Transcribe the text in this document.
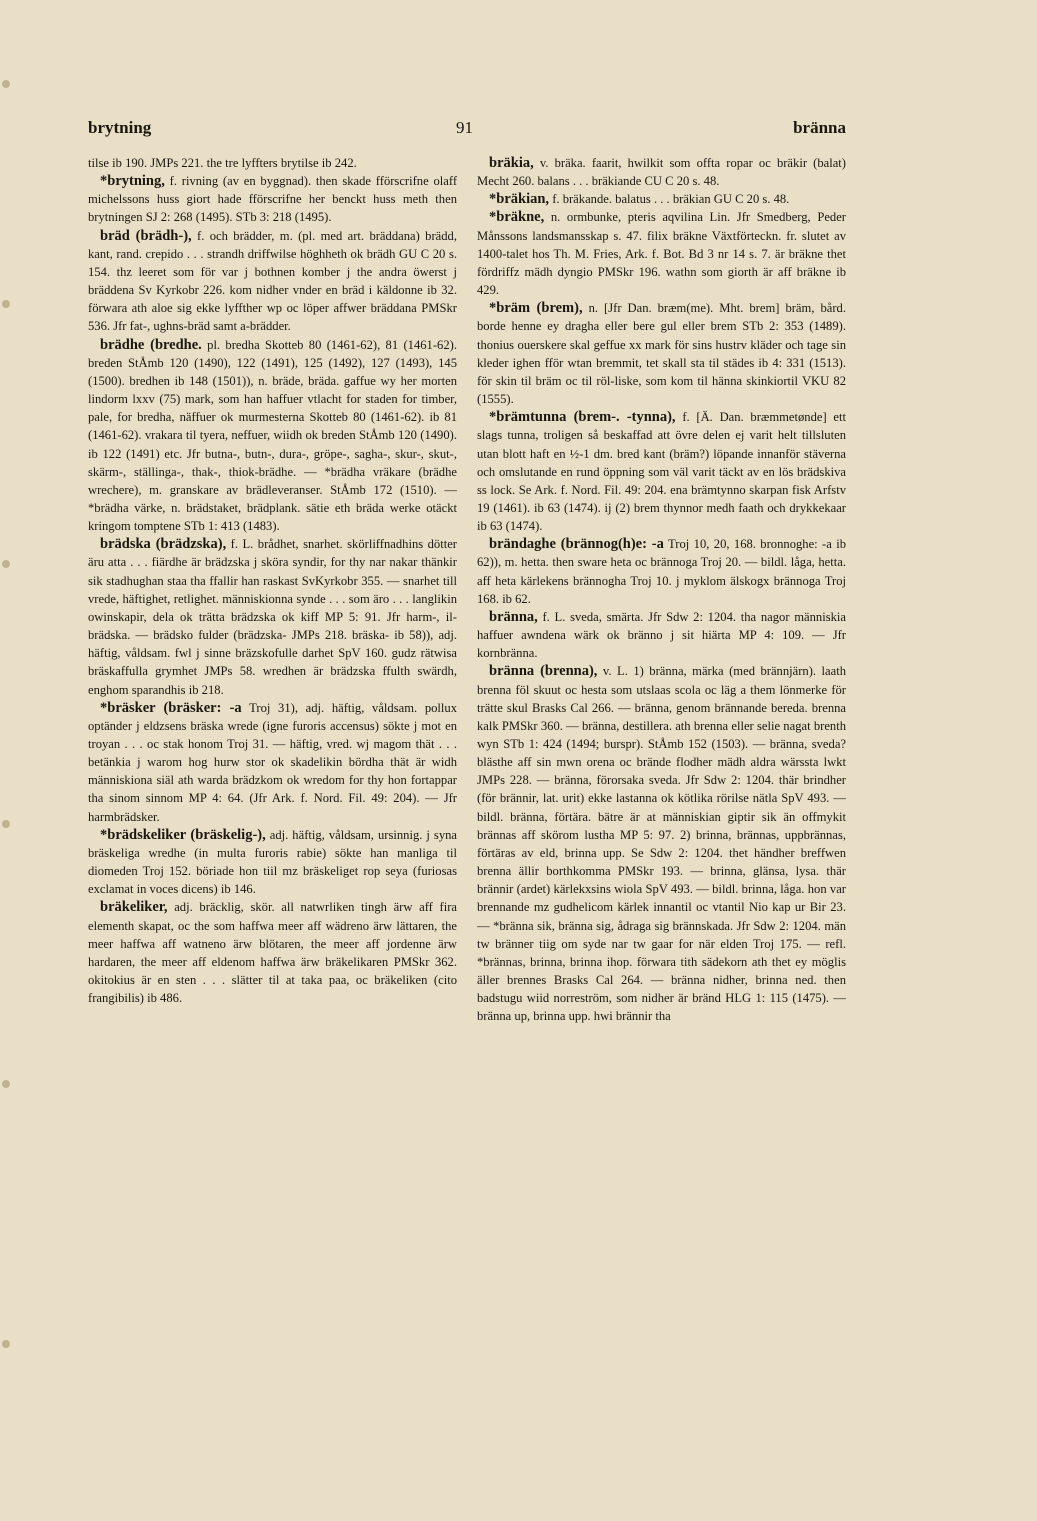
brytning	91	bränna

tilse ib 190. JMPs 221. the tre lyffters brytilse ib 242.

*brytning, f. rivning (av en byggnad). then skade fförscrifne olaff michelssons huss giort hade fförscrifne her benckt huss meth then brytningen SJ 2: 268 (1495). STb 3: 218 (1495).

bräd (brädh-), f. och brädder, m. (pl. med art. bräddana) brädd, kant, rand. crepido . . . strandh driffwilse höghheth ok brädh GU C 20 s. 154. thz leeret som för var j bothnen komber j the andra öwerst j bräddena Sv Kyrkobr 226. kom nidher vnder en bräd i käldonne ib 32. förwara ath aloe sig ekke lyffther wp oc löper affwer bräddana PMSkr 536. Jfr fat-, ughns-bräd samt a-brädder.

brädhe (bredhe. pl. bredha Skotteb 80 (1461-62), 81 (1461-62). breden StÅmb 120 (1490), 122 (1491), 125 (1492), 127 (1493), 145 (1500). bredhen ib 148 (1501)), n. bräde, bräda. gaffue wy her morten lindorm lxxv (75) mark, som han haffuer vtlacht for staden for timber, pale, for bredha, näffuer ok murmesterna Skotteb 80 (1461-62). ib 81 (1461-62). vrakara til tyera, neffuer, wiidh ok breden StÅmb 120 (1490). ib 122 (1491) etc. Jfr butna-, butn-, dura-, gröpe-, sagha-, skur-, skut-, skärm-, ställinga-, thak-, thiok-brädhe. — *brädha vräkare (brädhe wrechere), m. granskare av brädleveranser. StÅmb 172 (1510). — *brädha värke, n. brädstaket, brädplank. sätie eth bräda werke otäckt kringom tomptene STb 1: 413 (1483).

brädska (brädzska), f. L. brådhet, snarhet. skörliffnadhins dötter äru atta . . . fiärdhe är brädzska j sköra syndir, for thy nar nakar thänkir sik stadhughan staa tha ffallir han raskast SvKyrkobr 355. — snarhet till vrede, häftighet, retlighet. människionna synde . . . som äro . . . langlikin owinskapir, dela ok trätta brädzska ok kiff MP 5: 91. Jfr harm-, il-brädska. — brädsko fulder (brädzska- JMPs 218. bräska- ib 58)), adj. häftig, våldsam. fwl j sinne bräzskofulle darhet SpV 160. gudz rätwisa bräskaffulla grymhet JMPs 58. wredhen är brädzska ffulth swärdh, enghom sparandhis ib 218.

*bräsker (bräsker: -a Troj 31), adj. häftig, våldsam. pollux optänder j eldzsens bräska wrede (igne furoris accensus) sökte j mot en troyan . . . oc stak honom Troj 31. — häftig, vred. wj magom thät . . . betänkia j warom hog hurw stor ok skadelikin bördha thät är widh människiona siäl ath warda brädzkom ok wredom for thy hon fortappar tha sinom sinnom MP 4: 64. (Jfr Ark. f. Nord. Fil. 49: 204). — Jfr harmbrädsker.

*brädskeliker (bräskelig-), adj. häftig, våldsam, ursinnig. j syna bräskeliga wredhe (in multa furoris rabie) sökte han manliga til diomeden Troj 152. böriade hon tiil mz bräskeliget rop seya (furiosas exclamat in voces dicens) ib 146.

bräkeliker, adj. bräcklig, skör. all natwrliken tingh ärw aff fira elementh skapat, oc the som haffwa meer aff wädreno ärw lättaren, the meer haffwa aff watneno ärw blötaren, the meer aff jordenne ärw hardaren, the meer aff eldenom haffwa ärw bräkelikaren PMSkr 362. okitokius är en sten . . . slätter til at taka paa, oc bräkeliken (cito frangibilis) ib 486.

bräkia, v. bräka. faarit, hwilkit som offta ropar oc bräkir (balat) Mecht 260. balans . . . bräkiande CU C 20 s. 48.

*bräkian, f. bräkande. balatus . . . bräkian GU C 20 s. 48.

*bräkne, n. ormbunke, pteris aqvilina Lin. Jfr Smedberg, Peder Månssons landsmansskap s. 47. filix bräkne Växtförteckn. fr. slutet av 1400-talet hos Th. M. Fries, Ark. f. Bot. Bd 3 nr 14 s. 7. är bräkne thet fördriffz mädh dyngio PMSkr 196. wathn som giorth är aff bräkne ib 429.

*bräm (brem), n. [Jfr Dan. bræm(me). Mht. brem] bräm, bård. borde henne ey dragha eller bere gul eller brem STb 2: 353 (1489). thonius ouerskere skal geffue xx mark för sins hustrv kläder och tage sin kleder ighen fför wtan bremmit, tet skall sta til städes ib 4: 331 (1513). för skin til bräm oc til röl-liske, som kom til hänna skinkiortil VKU 82 (1555).

*brämtunna (brem-. -tynna), f. [Ä. Dan. bræmmetønde] ett slags tunna, troligen så beskaffad att övre delen ej varit helt tillsluten utan blott haft en ½-1 dm. bred kant (bräm?) löpande innanför stäverna och omslutande en rund öppning som väl varit täckt av en lös brädskiva ss lock. Se Ark. f. Nord. Fil. 49: 204. ena brämtynno skarpan fisk Arfstv 19 (1461). ib 63 (1474). ij (2) brem thynnor medh faath och drykkekaar ib 63 (1474).

brändaghe (brännog(h)e: -a Troj 10, 20, 168. bronnoghe: -a ib 62)), m. hetta. then sware heta oc brännoga Troj 20. — bildl. låga, hetta. aff heta kärlekens brännogha Troj 10. j myklom älskogx brännoga Troj 168. ib 62.

bränna, f. L. sveda, smärta. Jfr Sdw 2: 1204. tha nagor människia haffuer awndena wärk ok bränno j sit hiärta MP 4: 109. — Jfr kornbränna.

bränna (brenna), v. L. 1) bränna, märka (med brännjärn). laath brenna föl skuut oc hesta som utslaas scola oc läg a them lönmerke för trätte skul Brasks Cal 266. — bränna, genom brännande bereda. brenna kalk PMSkr 360. — bränna, destillera. ath brenna eller selie nagat brenth wyn STb 1: 424 (1494; burspr). StÅmb 152 (1503). — bränna, sveda? blästhe aff sin mwn orena oc brände flodher mädh aldra wärssta lwkt JMPs 228. — bränna, förorsaka sveda. Jfr Sdw 2: 1204. thär brindher (för brännir, lat. urit) ekke lastanna ok kötlika rörilse nätla SpV 493. — bildl. bränna, förtära. bätre är at människian giptir sik än offmykit brännas aff skörom lustha MP 5: 97. 2) brinna, brännas, uppbrännas, förtäras av eld, brinna upp. Se Sdw 2: 1204. thet händher breffwen brenna ällir borthkomma PMSkr 193. — brinna, glänsa, lysa. thär brännir (ardet) kärlekxsins wiola SpV 493. — bildl. brinna, låga. hon var brennande mz gudhelicom kärlek innantil oc vtantil Nio kap ur Bir 23. — *bränna sik, bränna sig, ådraga sig brännskada. Jfr Sdw 2: 1204. män tw bränner tiig om syde nar tw gaar for när elden Troj 175. — refl. *brännas, brinna, brinna ihop. förwara tith sädekorn ath thet ey möglis äller brennes Brasks Cal 264. — bränna nidher, brinna ned. then badstugu wiid norreström, som nidher är bränd HLG 1: 115 (1475). — bränna up, brinna upp. hwi brännir tha
